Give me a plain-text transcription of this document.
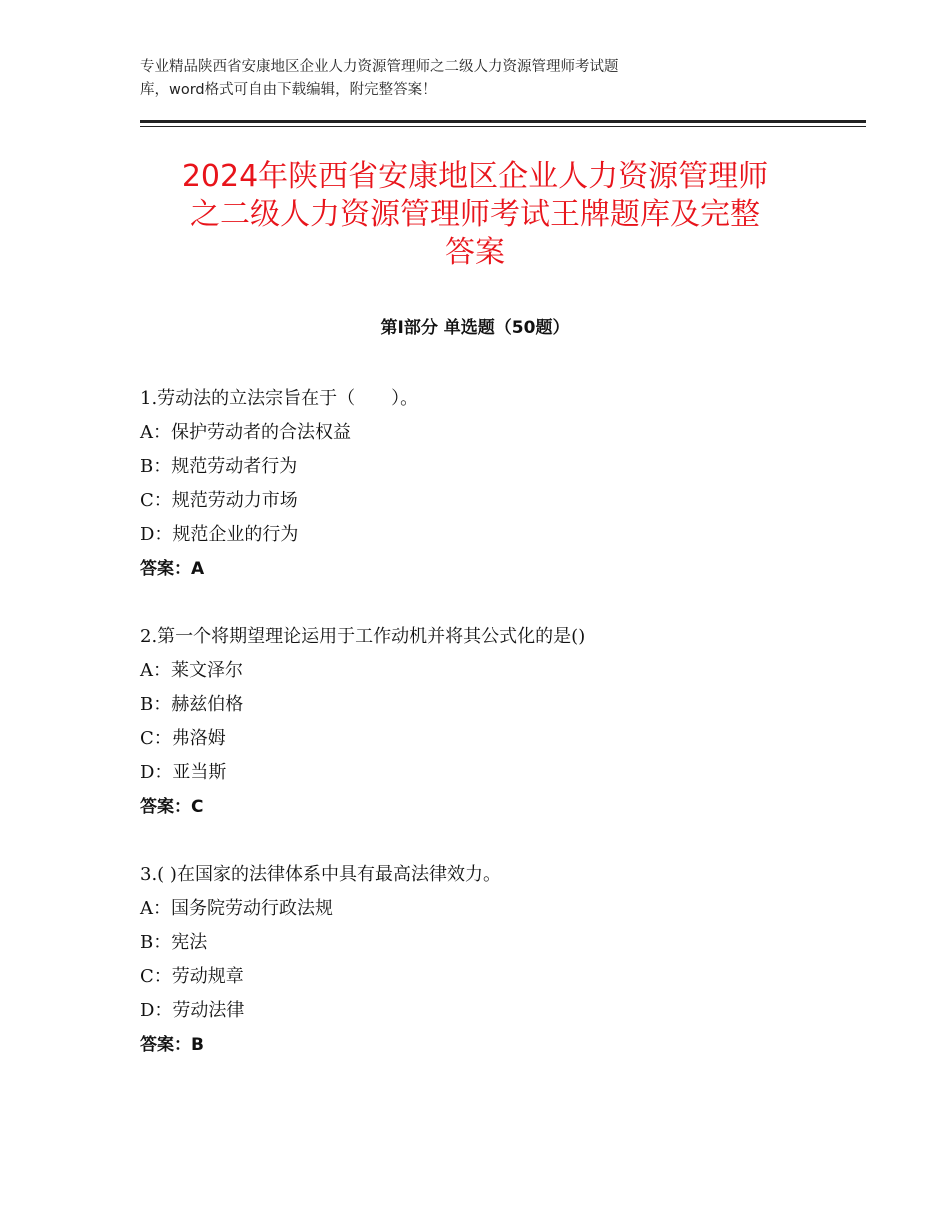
专业精品陕西省安康地区企业人力资源管理师之二级人力资源管理师考试题
库，word格式可自由下载编辑，附完整答案！
2024年陕西省安康地区企业人力资源管理师
之二级人力资源管理师考试王牌题库及完整
答案
第Ⅰ部分 单选题（50题）
1.劳动法的立法宗旨在于（　　）。
A：保护劳动者的合法权益
B：规范劳动者行为
C：规范劳动力市场
D：规范企业的行为
答案：A
2.第一个将期望理论运用于工作动机并将其公式化的是()
A：莱文泽尔
B：赫兹伯格
C：弗洛姆
D：亚当斯
答案：C
3.( )在国家的法律体系中具有最高法律效力。
A：国务院劳动行政法规
B：宪法
C：劳动规章
D：劳动法律
答案：B
